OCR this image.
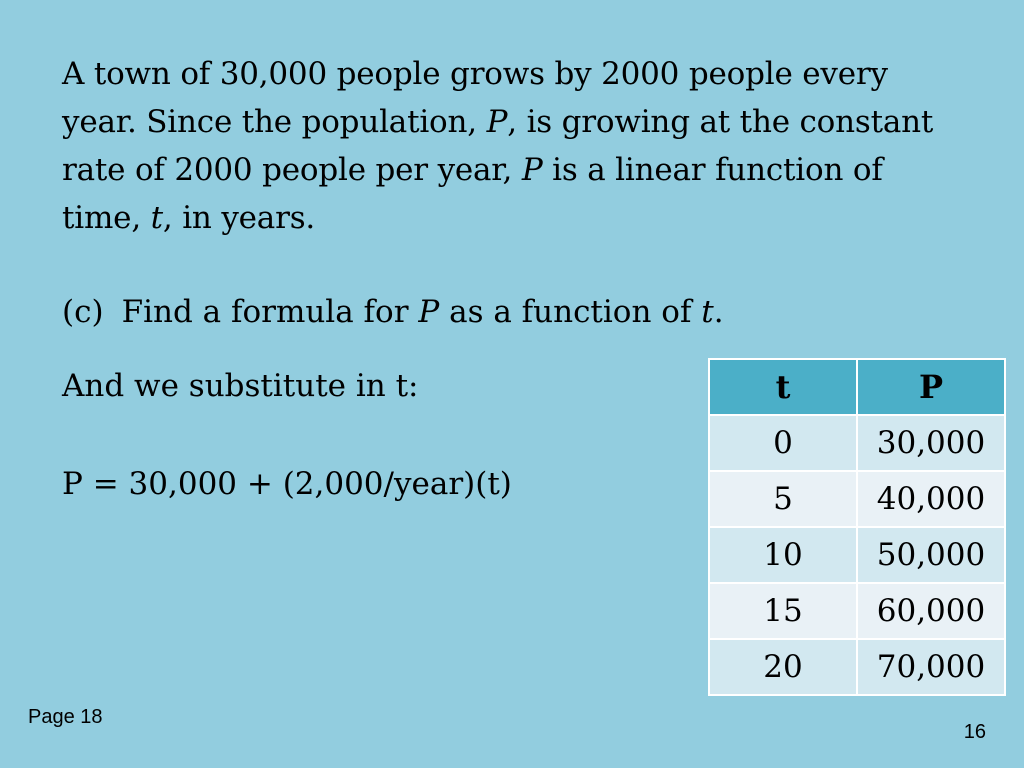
A town of 30,000 people grows by 2000 people every year. Since the population, P, is growing at the constant rate of 2000 people per year, P is a linear function of time, t, in years.

(c) Find a formula for P as a function of t.
And we substitute in t:
P = 30,000 + (2,000/year)(t)
t	P
0	30,000
5	40,000
10	50,000
15	60,000
20	70,000
Page 18
16
